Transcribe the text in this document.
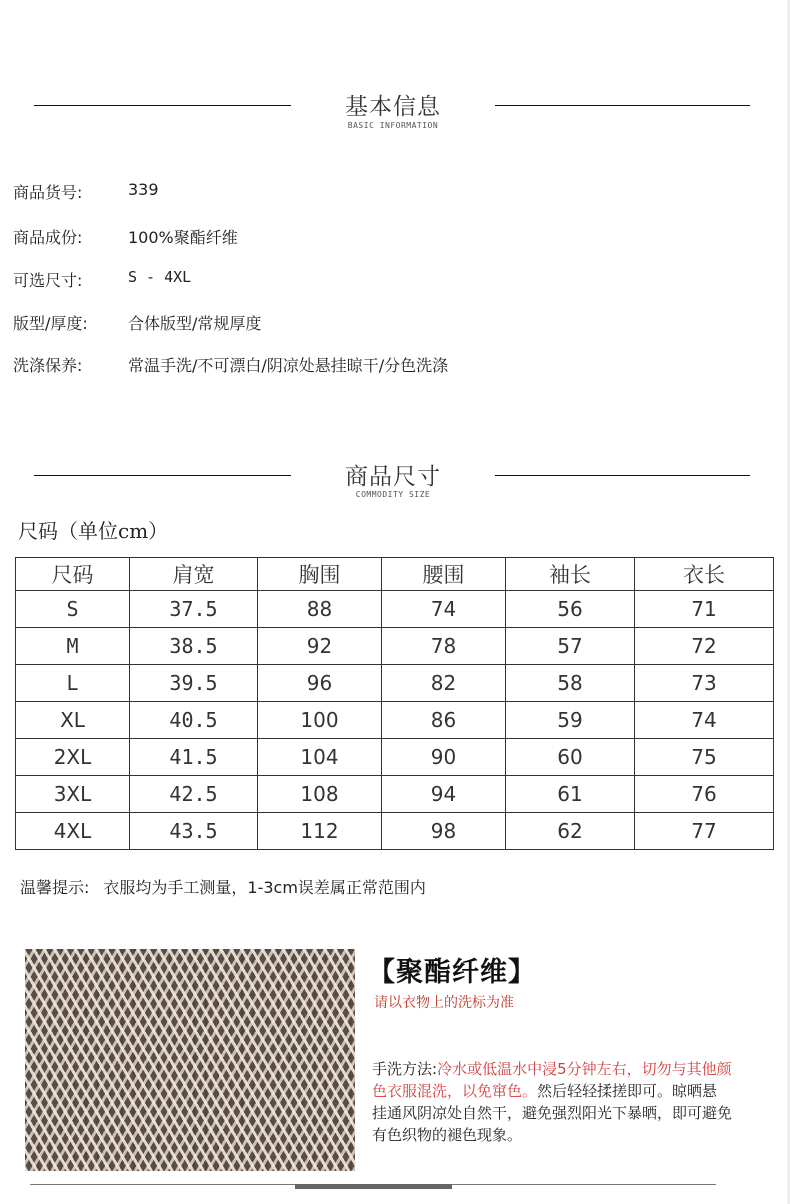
基本信息
BASIC INFORMATION
商品货号:	339
商品成份:	100%聚酯纤维
可选尺寸:	S - 4XL
版型/厚度:	合体版型/常规厚度
洗涤保养:	常温手洗/不可漂白/阴凉处悬挂晾干/分色洗涤
商品尺寸
COMMODITY SIZE
尺码（单位cm）
尺码	肩宽	胸围	腰围	袖长	衣长
S	37.5	88	74	56	71
M	38.5	92	78	57	72
L	39.5	96	82	58	73
XL	40.5	100	86	59	74
2XL	41.5	104	90	60	75
3XL	42.5	108	94	61	76
4XL	43.5	112	98	62	77
温馨提示: 衣服均为手工测量，1-3cm误差属正常范围内
【聚酯纤维】
请以衣物上的洗标为准
手洗方法:冷水或低温水中浸5分钟左右，切勿与其他颜色衣服混洗，以免窜色。然后轻轻揉搓即可。晾晒悬挂通风阴凉处自然干，避免强烈阳光下暴晒，即可避免有色织物的褪色现象。
